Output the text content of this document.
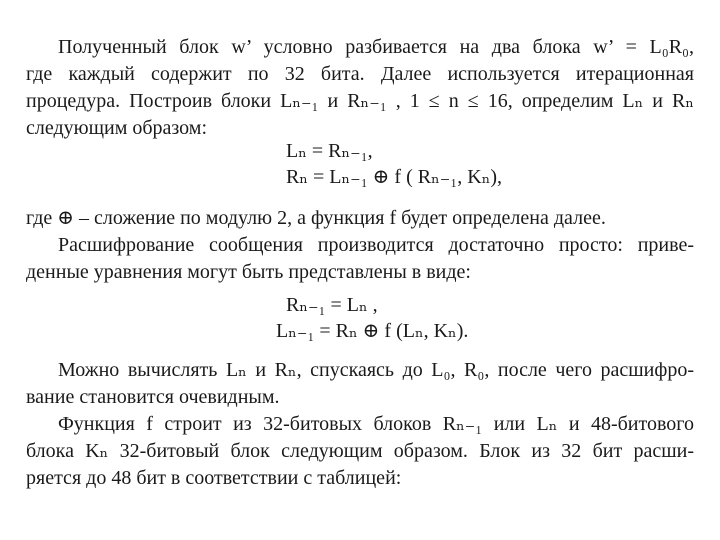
Полученный блок w’ условно разбивается на два блока w’ = L₀R₀,
где каждый содержит по 32 бита. Далее используется итерационная
процедура. Построив блоки Lₙ₋₁ и Rₙ₋₁ , 1 ≤ n ≤ 16, определим Lₙ и Rₙ
следующим образом:
Lₙ = Rₙ₋₁,
Rₙ = Lₙ₋₁ ⊕ f ( Rₙ₋₁, Kₙ),
где ⊕ – сложение по модулю 2, а функция f будет определена далее.
Расшифрование сообщения производится достаточно просто: приве-
денные уравнения могут быть представлены в виде:
Rₙ₋₁ = Lₙ ,
Lₙ₋₁ = Rₙ ⊕ f (Lₙ, Kₙ).
Можно вычислять Lₙ и Rₙ, спускаясь до L₀, R₀, после чего расшифро-
вание становится очевидным.
Функция f строит из 32-битовых блоков Rₙ₋₁ или Lₙ и 48-битового
блока Kₙ 32-битовый блок следующим образом. Блок из 32 бит расши-
ряется до 48 бит в соответствии с таблицей:
